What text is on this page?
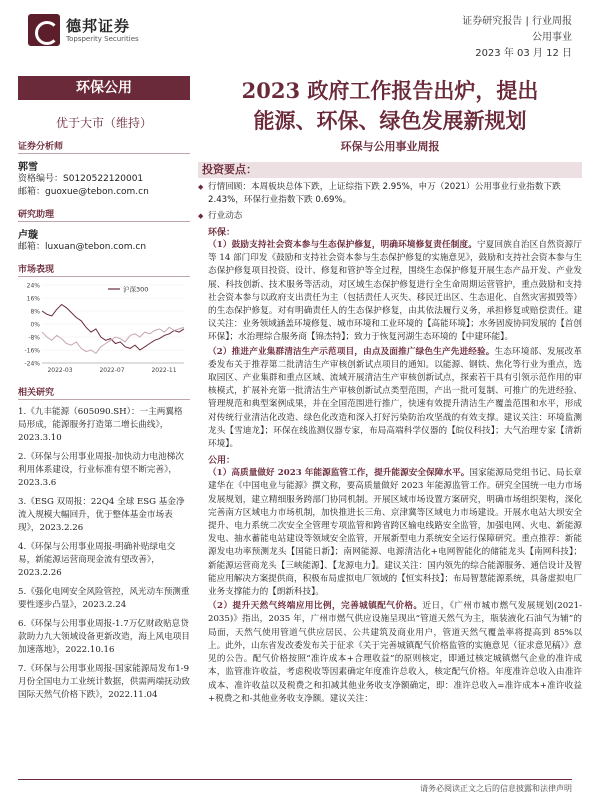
德邦证券
Topsperity Securities
证券研究报告 | 行业周报
公用事业
2023 年 03 月 12 日
环保公用
优于大市（维持）
证券分析师
郭雪
资格编号：S0120522120001
邮箱：guoxue@tebon.com.cn
研究助理
卢璇
邮箱：luxuan@tebon.com.cn
市场表现
24%
16%
8%
0%
-8%
-16%
-24%
2022-03	2022-07	2022-11
沪深300
相关研究
1.《九丰能源（605090.SH）：一主两翼格局形成，能源服务打造第二增长曲线》，2023.3.10
2.《环保与公用事业周报-加快动力电池梯次利用体系建设，行业标准有望不断完善》，2023.3.6
3.《ESG 双周报：22Q4 全球 ESG 基金净流入规模大幅回升，优于整体基金市场表现》，2023.2.26
4.《环保与公用事业周报-明确补贴绿电交易，新能源运营商现金流有望改善》，2023.2.26
5.《强化电网安全风险管控，风光动车预测重要性逐步凸显》，2023.2.24
6.《环保与公用事业周报-1.7万亿财政贴息贷款助力九大领域设备更新改造，海上风电项目加速落地》，2022.10.16
7.《环保与公用事业周报-国家能源局发布1-9月份全国电力工业统计数据，供需两端抚动致国际天然气价格下跌》，2022.11.04
2023 政府工作报告出炉，提出
能源、环保、绿色发展新规划
环保与公用事业周报
投资要点：
◆ 行情回顾：本周板块总体下跌，上证综指下跌 2.95%，申万（2021）公用事业行业指数下跌 2.43%，环保行业指数下跌 0.69%。
◆ 行业动态
环保：
（1）鼓励支持社会资本参与生态保护修复，明确环境修复责任制度。宁夏回族自治区自然资源厅等 14 部门印发《鼓励和支持社会资本参与生态保护修复的实施意见》，鼓励和支持社会资本参与生态保护修复项目投资、设计、修复和管护等全过程，围绕生态保护修复开展生态产品开发、产业发展、科技创新、技术服务等活动，对区域生态保护修复进行全生命周期运营管护，重点鼓励和支持社会资本参与以政府支出责任为主（包括责任人灭失、移民迁出区、生态退化、自然灾害损毁等）的生态保护修复。对有明确责任人的生态保护修复，由其依法履行义务，承担修复或赔偿责任。建议关注：业务领域涵盖环境修复、城市环境和工业环境的【高能环境】；水务固废协同发展的【首创环保】；水治理综合服务商【锦杰特】；致力于恢复河湖生态环境的【中建环能】。
（2）推进产业集群清洁生产示范项目，由点及面推广绿色生产先进经验。生态环境部、发展改革委发布关于推荐第二批清洁生产审核创新试点项目的通知。以能源、钢铁、焦化等行业为重点，选取园区、产业集群和重点区域、流域开展清洁生产审核创新试点，探索若干具有引领示范作用的审核模式，扩展补充第一批清洁生产审核创新试点类型范围，产出一批可复制、可推广的先进经验、管理规范和典型案例成果，并在全国范围进行推广，快速有效提升清洁生产覆盖范围和水平，形成对传统行业清洁化改造、绿色化改造和深入打好污染防治攻坚战的有效支撑。建议关注：环境监测龙头【雪迪龙】；环保在线监测仪器专家，布局高端科学仪器的【皖仪科技】；大气治理专家【清新环境】。
公用：
（1）高质量做好 2023 年能源监管工作，提升能源安全保障水平。国家能源局党组书记、局长章建华在《中国电业与能源》撰文称，要高质量做好 2023 年能源监管工作。研究全国统一电力市场发展规划，建立精细服务跨部门协同机制。开展区域市场设置方案研究，明确市场组织架构，深化完善南方区域电力市场机制，加快推进长三角、京津冀等区域电力市场建设。开展水电站大坝安全提升、电力系统二次安全全管理专项监管和跨省跨区输电线路安全监管，加强电网、火电、新能源发电、抽水蓄能电站建设等领域安全监管，开展新型电力系统安全运行保障研究。重点推荐：新能源发电功率预测龙头【国能日新】；南网能源、电源清洁化+电网智能化的储能龙头【南网科技】；新能源运营商龙头【三峡能源】、【龙源电力】。建议关注：国内领先的综合能源服务、通信设计及智能应用解决方案提供商，积极布局虚拟电厂领域的【恒实科技】；布局智慧能源系统，具备虚拟电厂业务支撑能力的【朗新科技】。
（2）提升天然气终端应用比例，完善城镇配气价格。近日，《广州市城市燃气发展规划(2021-2035)》指出，2035 年，广州市燃气供应设施呈现出“管道天然气为主，瓶装液化石油气为辅”的局面，天然气使用管道气供应居民、公共建筑及商业用户，管道天然气覆盖率将提高到 85%以上。此外，山东省发改委发布关于征求《关于完善城镇配气价格监管的实施意见（征求意见稿）》意见的公告。配气价格按照“准许成本+合理收益”的原则核定，即通过核定城镇燃气企业的准许成本，监管准许收益，考虑税收等因素确定年度准许总收入，核定配气价格。年度准许总收入由准许成本、准许收益以及税费之和扣减其他业务收支净额确定，即：准许总收入=准许成本+准许收益+税费之和-其他业务收支净额。建议关注：
请务必阅读正文之后的信息披露和法律声明
